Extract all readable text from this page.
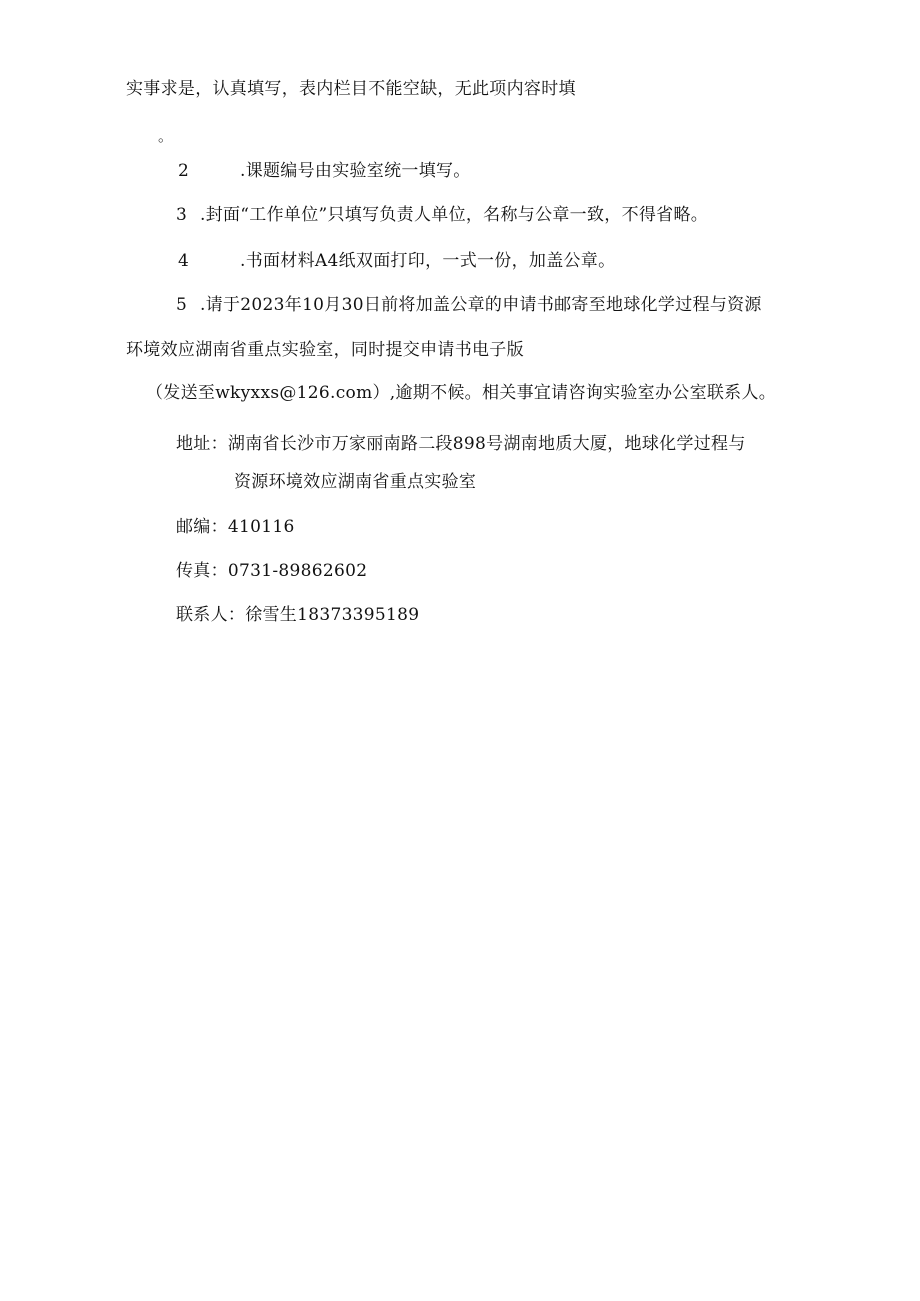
实事求是，认真填写，表内栏目不能空缺，无此项内容时填
。
2	.课题编号由实验室统一填写。
3 .封面“工作单位”只填写负责人单位，名称与公章一致，不得省略。
4	.书面材料A4纸双面打印，一式一份，加盖公章。
5 .请于2023年10月30日前将加盖公章的申请书邮寄至地球化学过程与资源
环境效应湖南省重点实验室，同时提交申请书电子版
（发送至wkyxxs@126.com）,逾期不候。相关事宜请咨询实验室办公室联系人。
地址：湖南省长沙市万家丽南路二段898号湖南地质大厦，地球化学过程与
资源环境效应湖南省重点实验室
邮编：410116
传真：0731-89862602
联系人：徐雪生18373395189
